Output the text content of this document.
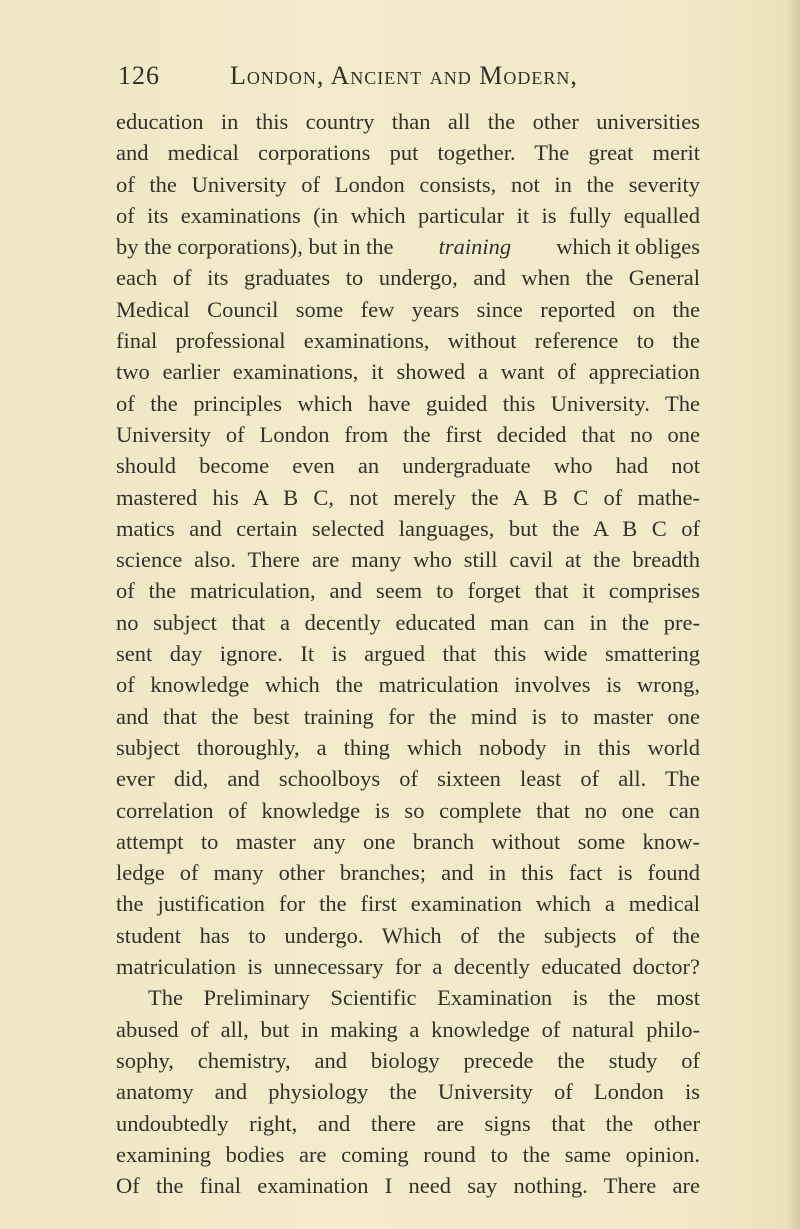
126	London, Ancient and Modern,
education in this country than all the other universities
and medical corporations put together. The great merit
of the University of London consists, not in the severity
of its examinations (in which particular it is fully equalled
by the corporations), but in the training which it obliges
each of its graduates to undergo, and when the General
Medical Council some few years since reported on the
final professional examinations, without reference to the
two earlier examinations, it showed a want of appreciation
of the principles which have guided this University. The
University of London from the first decided that no one
should become even an undergraduate who had not
mastered his A B C, not merely the A B C of mathe-
matics and certain selected languages, but the A B C of
science also. There are many who still cavil at the breadth
of the matriculation, and seem to forget that it comprises
no subject that a decently educated man can in the pre-
sent day ignore. It is argued that this wide smattering
of knowledge which the matriculation involves is wrong,
and that the best training for the mind is to master one
subject thoroughly, a thing which nobody in this world
ever did, and schoolboys of sixteen least of all. The
correlation of knowledge is so complete that no one can
attempt to master any one branch without some know-
ledge of many other branches; and in this fact is found
the justification for the first examination which a medical
student has to undergo. Which of the subjects of the
matriculation is unnecessary for a decently educated doctor?
The Preliminary Scientific Examination is the most
abused of all, but in making a knowledge of natural philo-
sophy, chemistry, and biology precede the study of
anatomy and physiology the University of London is
undoubtedly right, and there are signs that the other
examining bodies are coming round to the same opinion.
Of the final examination I need say nothing. There are
